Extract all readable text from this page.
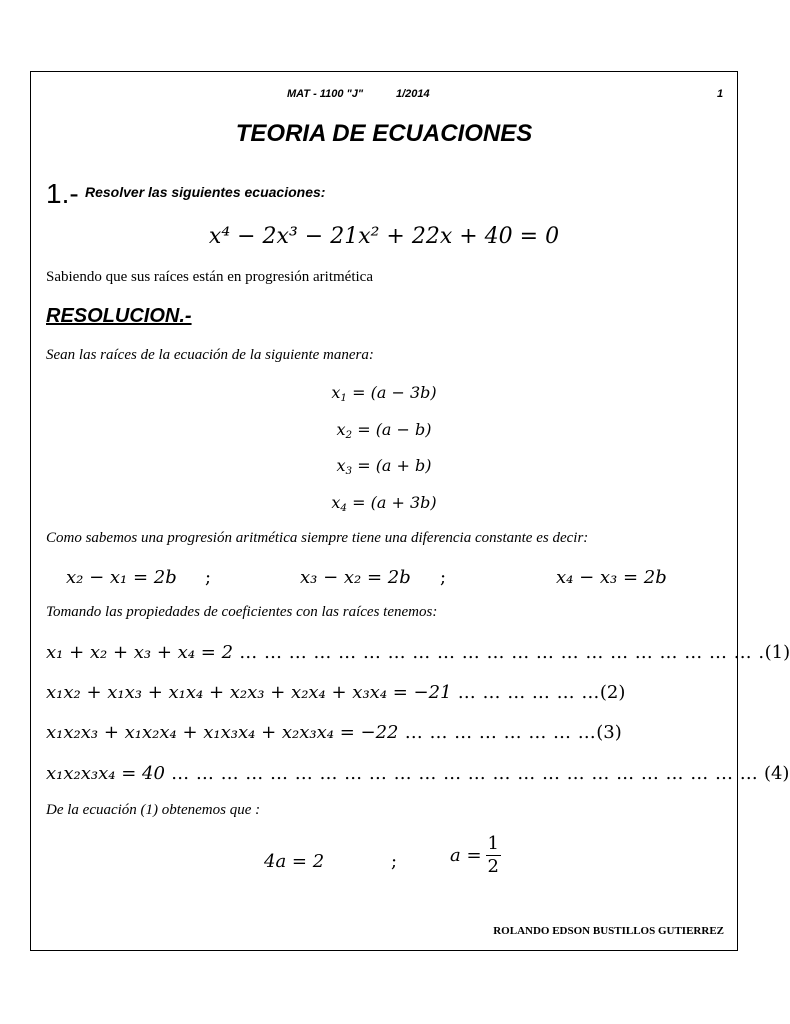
MAT - 1100 "J"	1/2014	1
TEORIA DE ECUACIONES
1.- Resolver las siguientes ecuaciones:
x⁴ − 2x³ − 21x² + 22x + 40 = 0
Sabiendo que sus raíces están en progresión aritmética
RESOLUCION.-
Sean las raíces de la ecuación de la siguiente manera:
$x_1 = (a - 3b)$
$x_2 = (a - b)$
$x_3 = (a + b)$
$x_4 = (a + 3b)$
Como sabemos una progresión aritmética siempre tiene una diferencia constante es decir:
x₂ − x₁ = 2b ;	x₃ − x₂ = 2b ;	x₄ − x₃ = 2b
Tomando las propiedades de coeficientes con las raíces tenemos:
x₁ + x₂ + x₃ + x₄ = 2 … … … … … … … … … … … … … … … … … … … … … .(1)
x₁x₂ + x₁x₃ + x₁x₄ + x₂x₃ + x₂x₄ + x₃x₄ = −21 … … … … … …(2)
x₁x₂x₃ + x₁x₂x₄ + x₁x₃x₄ + x₂x₃x₄ = −22 … … … … … … … …(3)
x₁x₂x₃x₄ = 40 … … … … … … … … … … … … … … … … … … … … … … … … (4)
De la ecuación (1) obtenemos que :
4a = 2	;	$a = \frac{1}{2}$
ROLANDO EDSON BUSTILLOS GUTIERREZ
